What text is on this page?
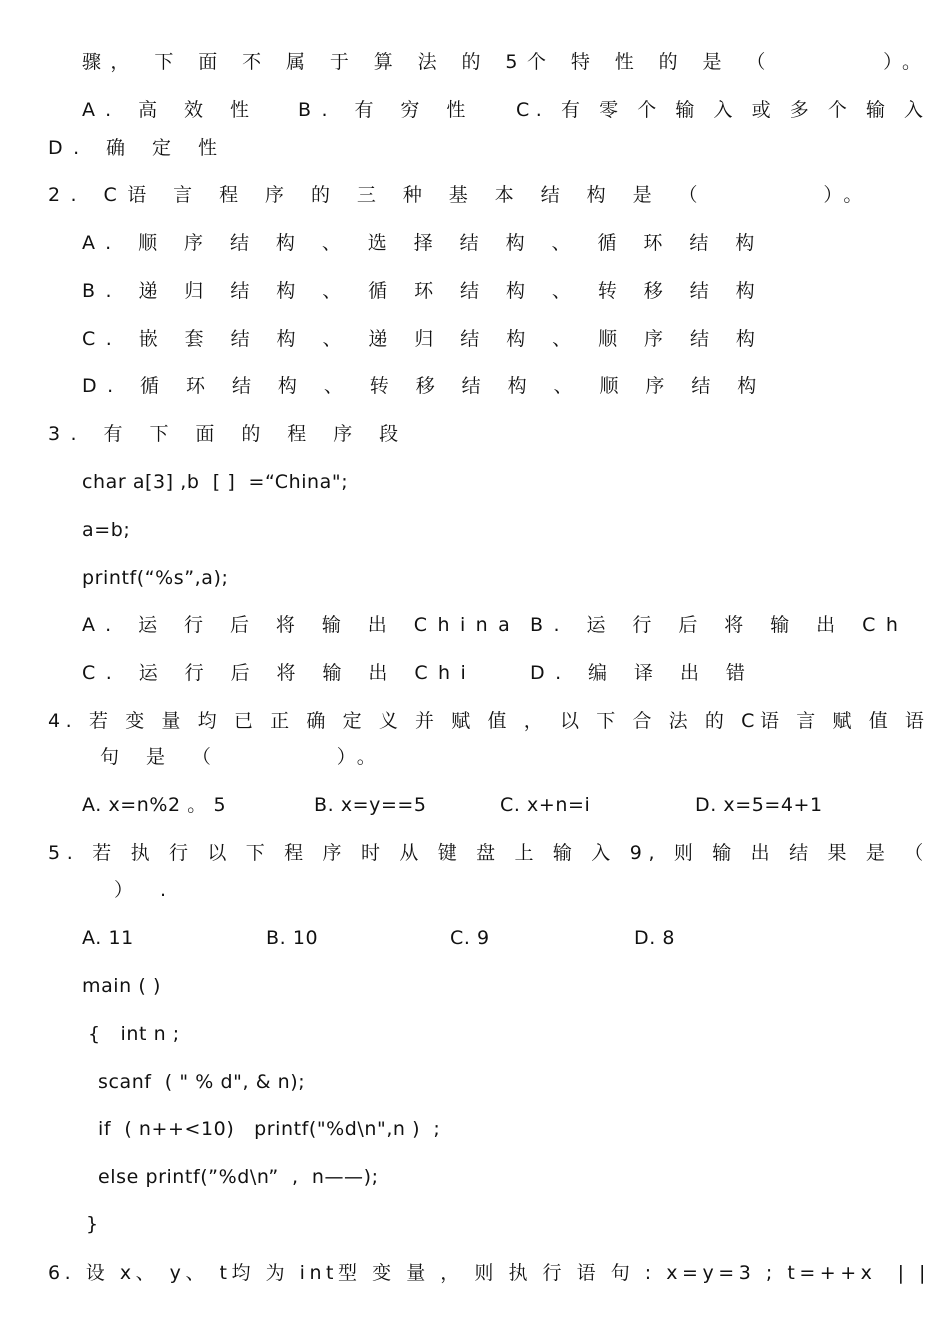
骤， 下 面 不 属 于 算 法 的 5个 特 性 的 是 （       ）。
A. 高 效 性 B. 有 穷 性 C. 有 零 个 输 入 或 多 个 输 入
D. 确 定 性
2. C语 言 程 序 的 三 种 基 本 结 构 是 （       ）。
A. 顺 序 结 构 、 选 择 结 构 、 循 环 结 构
B. 递 归 结 构 、 循 环 结 构 、 转 移 结 构
C. 嵌 套 结 构 、 递 归 结 构 、 顺 序 结 构
D. 循 环 结 构 、 转 移 结 构 、 顺 序 结 构
3. 有 下 面 的 程 序 段
char a[3] ,b  [ ]  =“China";
a=b;
printf(“%s”,a);
A. 运 行 后 将 输 出 China B. 运 行 后 将 输 出 Ch
C. 运 行 后 将 输 出 Chi	D. 编 译 出 错
4. 若 变 量 均 已 正 确 定 义 并 赋 值 ， 以 下 合 法 的 C语 言 赋 值 语
句 是 （       ）。
A. x=n%2 。 5	B. x=y==5	C. x+n=i	D. x=5=4+1
5. 若 执 行 以 下 程 序 时 从 键 盘 上 输 入 9, 则 输 出 结 果 是 （
） .
A. 11	B. 10	C. 9	D. 8
main ( )
{   int n ;
scanf  ( " % d", & n);
if  ( n++<10)   printf("%d\n",n )  ;
else printf(”%d\n”  ,  n——);
}
6. 设 x、 y、 t均 为 int型 变 量 ， 则 执 行 语 句 : x=y=3 ; t=++x  | |
